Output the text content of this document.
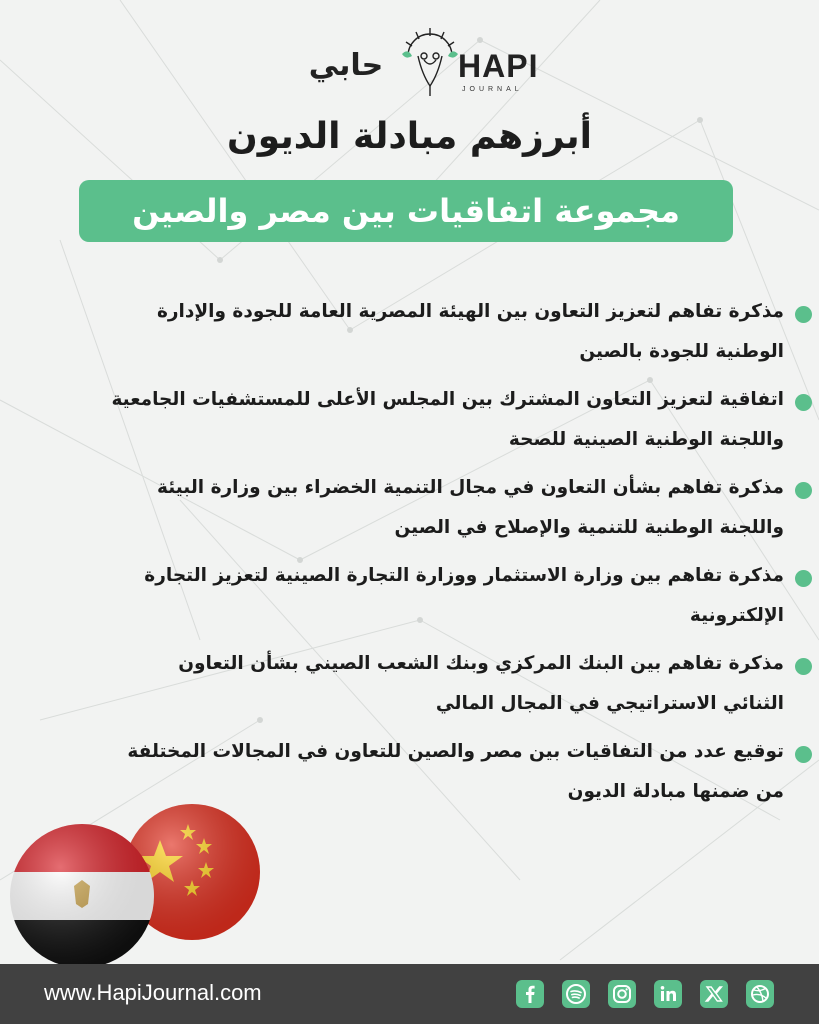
حابي	HAPI
JOURNAL
أبرزهم مبادلة الديون
مجموعة اتفاقيات بين مصر والصين
مذكرة تفاهم لتعزيز التعاون بين الهيئة المصرية العامة للجودة والإدارة
الوطنية للجودة بالصين
اتفاقية لتعزيز التعاون المشترك بين المجلس الأعلى للمستشفيات الجامعية
واللجنة الوطنية الصينية للصحة
مذكرة تفاهم بشأن التعاون في مجال التنمية الخضراء بين وزارة البيئة
واللجنة الوطنية للتنمية والإصلاح في الصين
مذكرة تفاهم بين وزارة الاستثمار ووزارة التجارة الصينية لتعزيز التجارة
الإلكترونية
مذكرة تفاهم بين البنك المركزي وبنك الشعب الصيني بشأن التعاون
الثنائي الاستراتيجي في المجال المالي
توقيع عدد من التفاقيات بين مصر والصين للتعاون في المجالات المختلفة
من ضمنها مبادلة الديون
www.HapiJournal.com
